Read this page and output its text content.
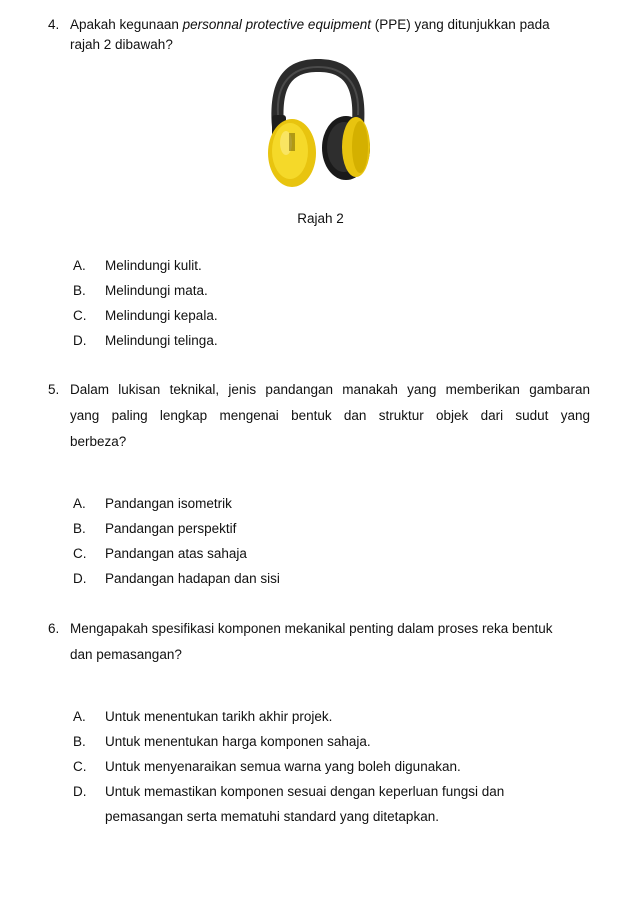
4. Apakah kegunaan personnal protective equipment (PPE) yang ditunjukkan pada
rajah 2 dibawah?
Rajah 2
A. Melindungi kulit.
B. Melindungi mata.
C. Melindungi kepala.
D. Melindungi telinga.
5. Dalam lukisan teknikal, jenis pandangan manakah yang memberikan gambaran
yang paling lengkap mengenai bentuk dan struktur objek dari sudut yang
berbeza?
A. Pandangan isometrik
B. Pandangan perspektif
C. Pandangan atas sahaja
D. Pandangan hadapan dan sisi
6. Mengapakah spesifikasi komponen mekanikal penting dalam proses reka bentuk
dan pemasangan?
A. Untuk menentukan tarikh akhir projek.
B. Untuk menentukan harga komponen sahaja.
C. Untuk menyenaraikan semua warna yang boleh digunakan.
D. Untuk memastikan komponen sesuai dengan keperluan fungsi dan
pemasangan serta mematuhi standard yang ditetapkan.
